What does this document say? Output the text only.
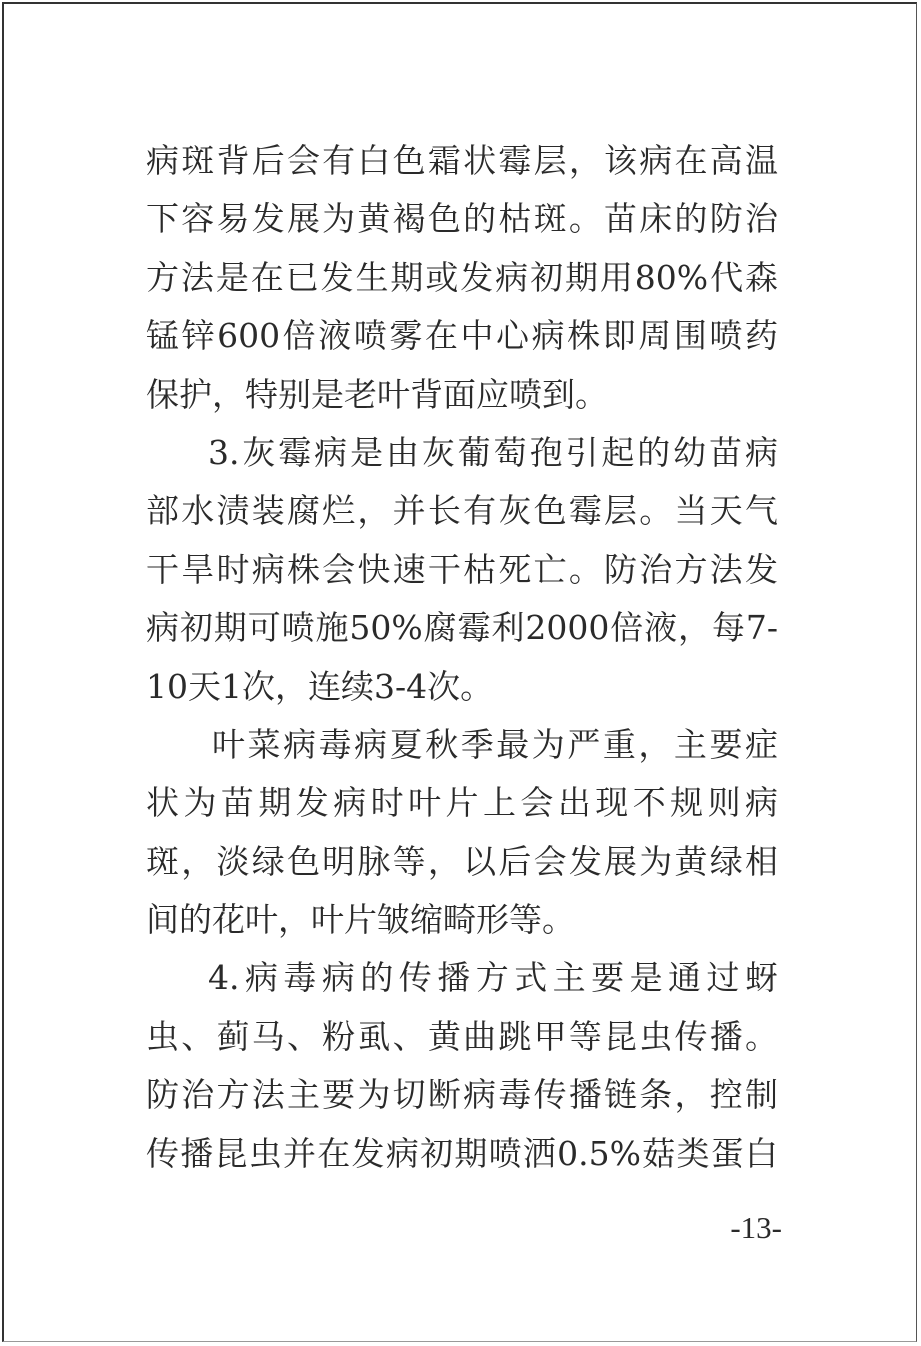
病斑背后会有白色霜状霉层，该病在高温
下容易发展为黄褐色的枯斑。苗床的防治
方法是在已发生期或发病初期用80%代森
锰锌600倍液喷雾在中心病株即周围喷药
保护，特别是老叶背面应喷到。
3.灰霉病是由灰葡萄孢引起的幼苗病
部水渍装腐烂，并长有灰色霉层。当天气
干旱时病株会快速干枯死亡。防治方法发
病初期可喷施50%腐霉利2000倍液，每7-
10天1次，连续3-4次。
叶菜病毒病夏秋季最为严重，主要症
状为苗期发病时叶片上会出现不规则病
斑，淡绿色明脉等，以后会发展为黄绿相
间的花叶，叶片皱缩畸形等。
4.病毒病的传播方式主要是通过蚜
虫、蓟马、粉虱、黄曲跳甲等昆虫传播。
防治方法主要为切断病毒传播链条，控制
传播昆虫并在发病初期喷洒0.5%菇类蛋白
-13-
